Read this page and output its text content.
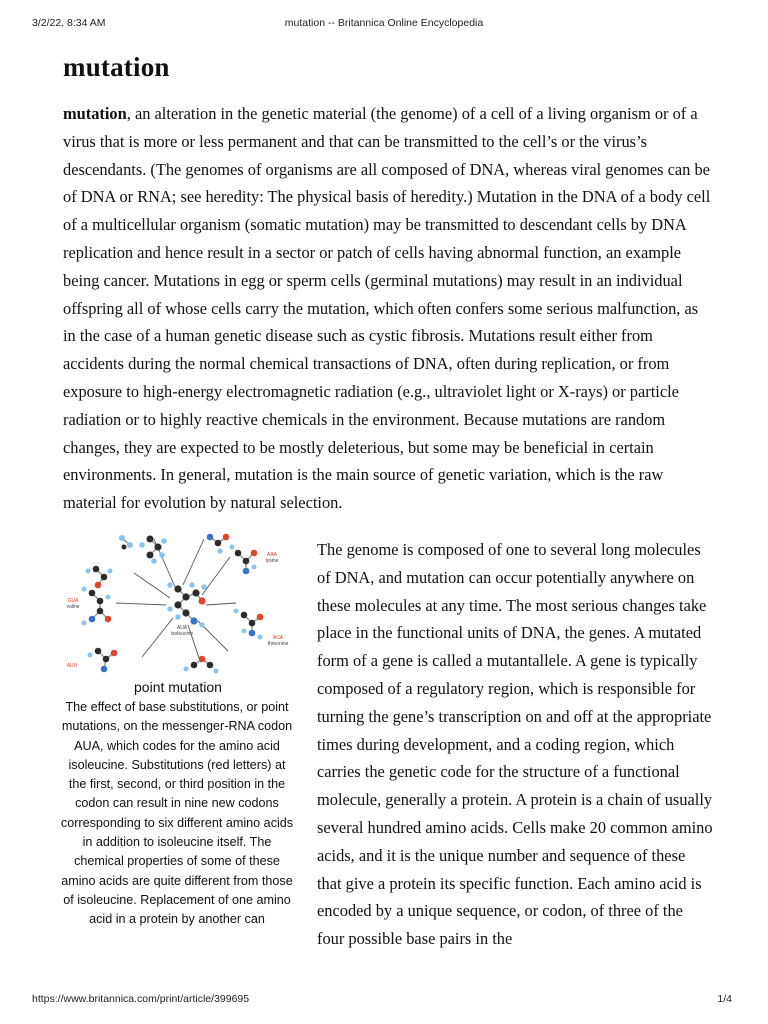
3/2/22, 8:34 AM	mutation -- Britannica Online Encyclopedia
mutation

mutation, an alteration in the genetic material (the genome) of a cell of a living organism or of a virus that is more or less permanent and that can be transmitted to the cell’s or the virus’s descendants. (The genomes of organisms are all composed of DNA, whereas viral genomes can be of DNA or RNA; see heredity: The physical basis of heredity.) Mutation in the DNA of a body cell of a multicellular organism (somatic mutation) may be transmitted to descendant cells by DNA replication and hence result in a sector or patch of cells having abnormal function, an example being cancer. Mutations in egg or sperm cells (germinal mutations) may result in an individual offspring all of whose cells carry the mutation, which often confers some serious malfunction, as in the case of a human genetic disease such as cystic fibrosis. Mutations result either from accidents during the normal chemical transactions of DNA, often during replication, or from exposure to high-energy electromagnetic radiation (e.g., ultraviolet light or X-rays) or particle radiation or to highly reactive chemicals in the environment. Because mutations are random changes, they are expected to be mostly deleterious, but some may be beneficial in certain environments. In general, mutation is the main source of genetic variation, which is the raw material for evolution by natural selection.

AAA
lysine
GUA
valine
AUA
isoleucine
ACA
threonine
AUU
point mutation
The effect of base substitutions, or point mutations, on the messenger-RNA codon AUA, which codes for the amino acid isoleucine. Substitutions (red letters) at the first, second, or third position in the codon can result in nine new codons corresponding to six different amino acids in addition to isoleucine itself. The chemical properties of some of these amino acids are quite different from those of isoleucine. Replacement of one amino acid in a protein by another can

The genome is composed of one to several long molecules of DNA, and mutation can occur potentially anywhere on these molecules at any time. The most serious changes take place in the functional units of DNA, the genes. A mutated form of a gene is called a mutantallele. A gene is typically composed of a regulatory region, which is responsible for turning the gene’s transcription on and off at the appropriate times during development, and a coding region, which carries the genetic code for the structure of a functional molecule, generally a protein. A protein is a chain of usually several hundred amino acids. Cells make 20 common amino acids, and it is the unique number and sequence of these that give a protein its specific function. Each amino acid is encoded by a unique sequence, or codon, of three of the four possible base pairs in the

https://www.britannica.com/print/article/399695	1/4
